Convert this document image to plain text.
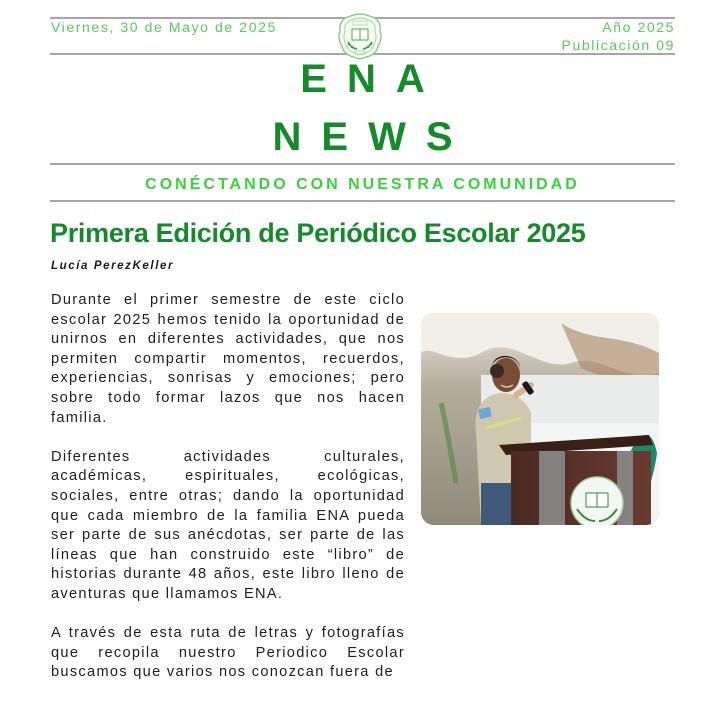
Viernes, 30 de Mayo de 2025	Año 2025
Publicación 09
ENA
NEWS
CONÉCTANDO CON NUESTRA COMUNIDAD
Primera Edición de Periódico Escolar 2025
Lucía PerezKeller

Durante el primer semestre de este ciclo escolar 2025 hemos tenido la oportunidad de unirnos en diferentes actividades, que nos permiten compartir momentos, recuerdos, experiencias, sonrisas y emociones; pero sobre todo formar lazos que nos hacen familia.

Diferentes actividades culturales, académicas, espirituales, ecológicas, sociales, entre otras; dando la oportunidad que cada miembro de la familia ENA pueda ser parte de sus anécdotas, ser parte de las líneas que han construido este “libro” de historias durante 48 años, este libro lleno de aventuras que llamamos ENA.

A través de esta ruta de letras y fotografías que recopila nuestro Periodico Escolar buscamos que varios nos conozcan fuera de
